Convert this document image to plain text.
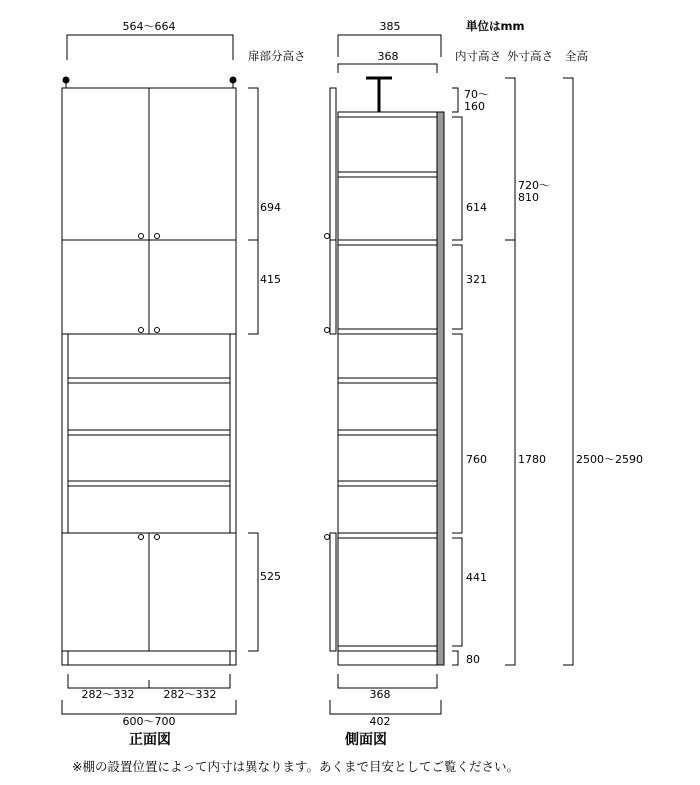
564〜664	385	単位はmm
扉部分高さ	368	内寸高さ 外寸高さ 全高
694
415
525
70〜
160
614
321
760
441
80
720〜
810
1780	2500〜2590
282〜332	282〜332	368
600〜700	402
正面図	側面図
※棚の設置位置によって内寸は異なります。あくまで目安としてご覧ください。
